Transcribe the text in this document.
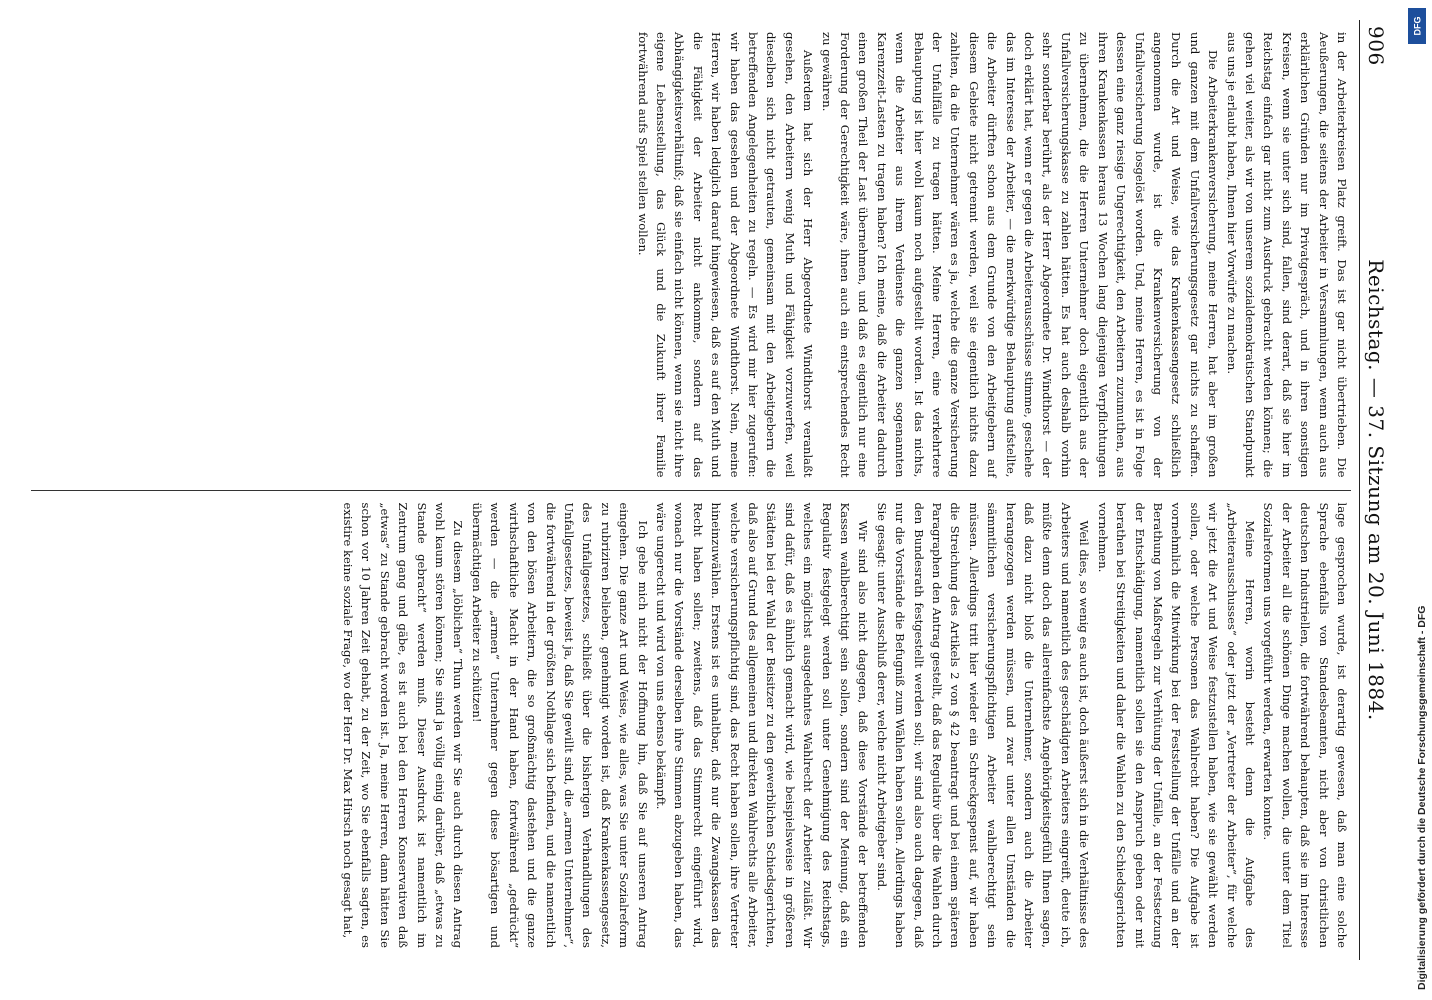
906
Reichstag. — 37. Sitzung am 20. Juni 1884.

in der Arbeiterkreisen Platz greift. Das ist gar nicht übertrieben. Die Aeußerungen, die seitens der Arbeiter in Versammlungen, wenn auch aus erklärlichen Gründen nur im Privatgespräch, und in ihren sonstigen Kreisen, wenn sie unter sich sind, fallen, sind derart, daß sie hier im Reichstag einfach gar nicht zum Ausdruck gebracht werden können; die gehen viel weiter, als wir von unserem sozialdemokratischen Standpunkt aus uns je erlaubt haben, Ihnen hier Vorwürfe zu machen.

Die Arbeiterkrankenversicherung, meine Herren, hat aber im großen und ganzen mit dem Unfallversicherungsgesetz gar nichts zu schaffen. Durch die Art und Weise, wie das Krankenkassengesetz schließlich angenommen wurde, ist die Krankenversicherung von der Unfallversicherung losgelöst worden. Und, meine Herren, es ist in Folge dessen eine ganz riesige Ungerechtigkeit, den Arbeitern zuzumuthen, aus ihren Krankenkassen heraus 13 Wochen lang diejenigen Verpflichtungen zu übernehmen, die die Herren Unternehmer doch eigentlich aus der Unfallversicherungskasse zu zahlen hätten. Es hat auch deshalb vorhin sehr sonderbar berührt, als der Herr Abgeordnete Dr. Windthorst — der doch erklärt hat, wenn er gegen die Arbeiterausschüsse stimme, geschehe das im Interesse der Arbeiter, — die merkwürdige Behauptung aufstellte, die Arbeiter dürften schon aus dem Grunde von den Arbeitgebern auf diesem Gebiete nicht getrennt werden, weil sie eigentlich nichts dazu zahlten, da die Unternehmer wären es ja, welche die ganze Versicherung der Unfallfälle zu tragen hätten. Meine Herren, eine verkehrtere Behauptung ist hier wohl kaum noch aufgestellt worden. Ist das nichts, wenn die Arbeiter aus ihrem Verdienste die ganzen sogenannten Karenzzeit-Lasten zu tragen haben? Ich meine, daß die Arbeiter dadurch einen großen Theil der Last übernehmen, und daß es eigentlich nur eine Forderung der Gerechtigkeit wäre, ihnen auch ein entsprechendes Recht zu gewähren.

Außerdem hat sich der Herr Abgeordnete Windthorst veranlaßt gesehen, den Arbeitern wenig Muth und Fähigkeit vorzuwerfen, weil dieselben sich nicht getrauten, gemeinsam mit den Arbeitgebern die betreffenden Angelegenheiten zu regeln. — Es wird mir hier zugerufen: wir haben das gesehen und der Abgeordnete Windthorst. Nein, meine Herren, wir haben lediglich darauf hingewiesen, daß es auf den Muth und die Fähigkeit der Arbeiter nicht ankomme, sondern auf das Abhängigkeitsverhältniß; daß sie einfach nicht können, wenn sie nicht ihre eigene Lebensstellung, das Glück und die Zukunft ihrer Familie fortwährend aufs Spiel stellen wollen.

lage gesprochen wurde, ist derartig gewesen, daß man eine solche Sprache ebenfalls von Standesbeamten, nicht aber von christlichen deutschen Industriellen, die fortwährend behaupten, daß sie im Interesse der Arbeiter all die schönen Dinge machen wollen, die unter dem Titel Sozialreformen uns vorgeführt werden, erwarten konnte.

Meine Herren, worin besteht denn die Aufgabe des „Arbeiterausschusses“ oder jetzt der „Vertreter der Arbeiter“, für welche wir jetzt die Art und Weise festzustellen haben, wie sie gewählt werden sollen, oder welche Personen das Wahlrecht haben? Die Aufgabe ist vornehmlich die Mitwirkung bei der Feststellung der Unfälle und an der Berathung von Maßregeln zur Verhütung der Unfälle, an der Festsetzung der Entschädigung, namentlich sollen sie den Anspruch geben oder mit berathen bei Streitigkeiten und daher die Wahlen zu den Schiedsgerichten vornehmen.

Weil dies, so wenig es auch ist, doch äußerst sich in die Verhältnisse des Arbeiters und namentlich des geschädigten Arbeiters eingreift, deute ich, müßte denn doch das allereinfachste Angehörigkeitsgefühl Ihnen sagen, daß dazu nicht bloß die Unternehmer, sondern auch die Arbeiter herangezogen werden müssen, und zwar unter allen Umständen die sämmtlichen versicherungspflichtigen Arbeiter wahlberechtigt sein müssen. Allerdings tritt hier wieder ein Schreckgespenst auf, wir haben die Streichung des Artikels 2 von § 42 beantragt und bei einem späteren Paragraphen den Antrag gestellt, daß das Regulativ über die Wahlen durch den Bundesrath festgestellt werden soll; wir sind also auch dagegen, daß nur die Vorstände die Befugniß zum Wählen haben sollen. Allerdings haben Sie gesagt: unter Ausschluß derer, welche nicht Arbeitgeber sind.

Wir sind also nicht dagegen, daß diese Vorstände der betreffenden Kassen wahlberechtigt sein sollen, sondern sind der Meinung, daß ein Regulativ festgelegt werden soll unter Genehmigung des Reichstags, welches ein möglichst ausgedehntes Wahlrecht der Arbeiter zuläßt. Wir sind dafür, daß es ähnlich gemacht wird, wie beispielsweise in größeren Städten bei der Wahl der Beisitzer zu den gewerblichen Schiedsgerichten, daß also auf Grund des allgemeinen und direkten Wahlrechts alle Arbeiter, welche versicherungspflichtig sind, das Recht haben sollen, ihre Vertreter hineinzuwählen. Erstens ist es unhaltbar, daß nur die Zwangskassen das Recht haben sollen; zweitens, daß das Stimmrecht eingeführt wird, wonach nur die Vorstände derselben ihre Stimmen abzugeben haben, das wäre ungerecht und wird von uns ebenso bekämpft.

Ich gebe mich nicht der Hoffnung hin, daß Sie auf unseren Antrag eingehen. Die ganze Art und Weise, wie alles, was Sie unter Sozialreform zu rubriziren belieben, genehmigt worden ist, daß Krankenkassengesetz, des Unfallgesetzes, schließt über die bisherigen Verhandlungen des Unfallgesetzes, beweist ja, daß Sie gewillt sind, die „armen Unternehmer“, die fortwährend in der größten Nothlage sich befinden, und die namentlich von den bösen Arbeitern, die so großmächtig dastehen und die ganze wirthschaftliche Macht in der Hand haben, fortwährend „gedrückt“ werden — die „armen“ Unternehmer gegen diese bösartigen und übermächtigen Arbeiter zu schützen!

Zu diesem „löblichen“ Thun werden wir Sie auch durch diesen Antrag wohl kaum stören können; Sie sind ja völlig einig darüber, daß „etwas zu Stande gebracht“ werden muß. Dieser Ausdruck ist namentlich im Zentrum gang und gäbe, es ist auch bei den Herren Konservativen daß „etwas“ zu Stande gebracht worden ist. Ja, meine Herren, dann hätten Sie schon vor 10 Jahren Zeit gehabt, zu der Zeit, wo Sie ebenfalls sagten, es existire keine soziale Frage, wo der Herr Dr. Max Hirsch noch gesagt hat,

DFG
Digitalisierung gefördert durch die Deutsche Forschungsgemeinschaft - DFG
